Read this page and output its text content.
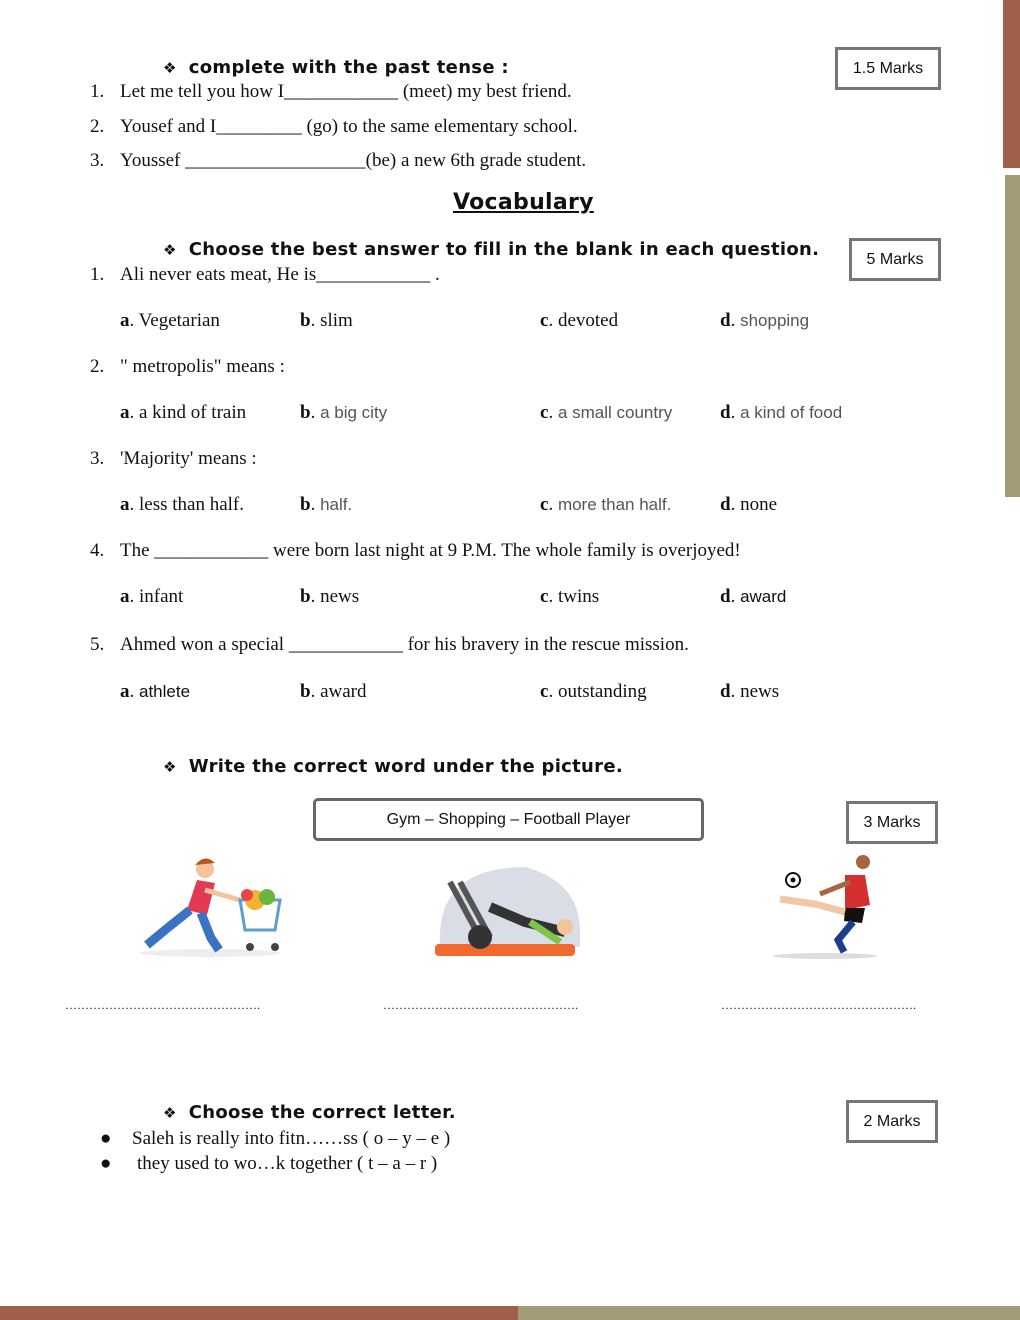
❖ complete with the past tense :	1.5 Marks
1. Let me tell you how I____________ (meet) my best friend.
2. Yousef and I_________ (go) to the same elementary school.
3. Youssef ___________________(be) a new 6th grade student.
Vocabulary
❖ Choose the best answer to fill in the blank in each question.	5 Marks
1. Ali never eats meat, He is____________ .
a. Vegetarian	b. slim	c. devoted	d. shopping
2. " metropolis" means :
a. a kind of train	b. a big city	c. a small country	d. a kind of food
3. 'Majority' means :
a. less than half.	b. half.	c. more than half.	d. none
4. The ____________ were born last night at 9 P.M. The whole family is overjoyed!
a. infant	b. news	c. twins	d. award
5. Ahmed won a special ____________ for his bravery in the rescue mission.
a. athlete	b. award	c. outstanding	d. news
❖ Write the correct word under the picture.
Gym – Shopping – Football Player	3 Marks
………………………………………….	………………………………………….	………………………………………….
❖ Choose the correct letter.	2 Marks
● Saleh is really into fitn……ss ( o – y – e )
● they used to wo…k together ( t – a – r )
